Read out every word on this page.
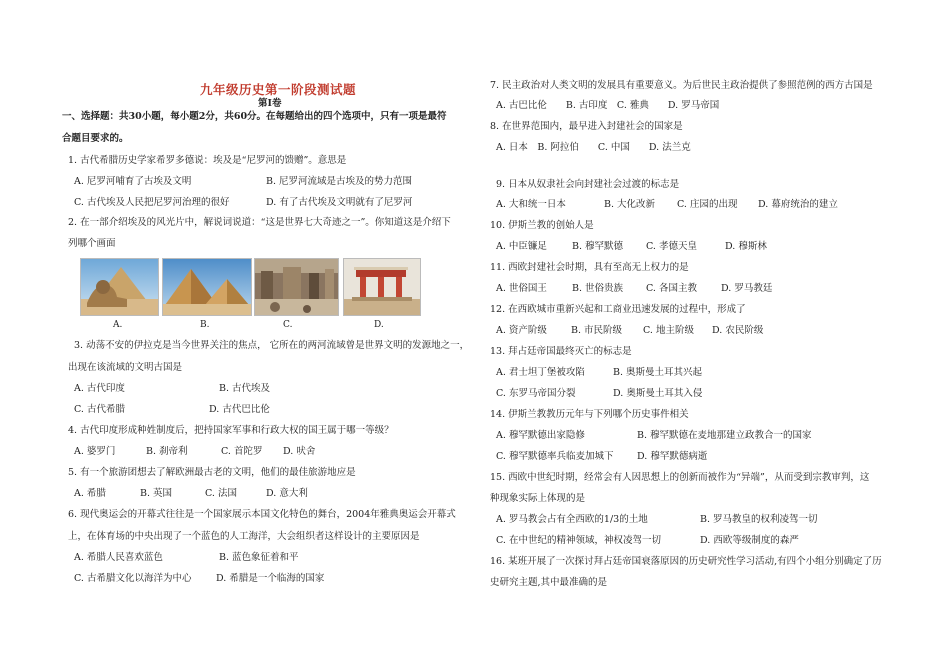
九年级历史第一阶段测试题
第Ⅰ卷
一、选择题：共30小题，每小题2分，共60分。在每题给出的四个选项中，只有一项是最符
合题目要求的。
1. 古代希腊历史学家希罗多德说：埃及是“尼罗河的馈赠”。意思是
A. 尼罗河哺育了古埃及文明	B. 尼罗河流域是古埃及的势力范围
C. 古代埃及人民把尼罗河治理的很好	D. 有了古代埃及文明就有了尼罗河
2. 在一部介绍埃及的风光片中，解说词说道：“这是世界七大奇迹之一”。你知道这是介绍下
列哪个画面
A.	B.	C.	D.
3. 动荡不安的伊拉克是当今世界关注的焦点， 它所在的两河流域曾是世界文明的发源地之一，
出现在该流域的文明古国是
A. 古代印度	B. 古代埃及
C. 古代希腊	D. 古代巴比伦
4. 古代印度形成种姓制度后，把持国家军事和行政大权的国王属于哪一等级？
A. 婆罗门	B. 刹帝利	C. 首陀罗 D. 吠舍
5. 有一个旅游团想去了解欧洲最古老的文明，他们的最佳旅游地应是
A. 希腊	B. 英国	C. 法国	D. 意大利
6. 现代奥运会的开幕式往往是一个国家展示本国文化特色的舞台，2004年雅典奥运会开幕式
上，在体育场的中央出现了一个蓝色的人工海洋，大会组织者这样设计的主要原因是
A. 希腊人民喜欢蓝色	B. 蓝色象征着和平
C. 古希腊文化以海洋为中心	D. 希腊是一个临海的国家
7. 民主政治对人类文明的发展具有重要意义。为后世民主政治提供了参照范例的西方古国是
A. 古巴比伦　　B. 古印度　C. 雅典　　D. 罗马帝国
8. 在世界范围内，最早进入封建社会的国家是
A. 日本　B. 阿拉伯　　C. 中国　　D. 法兰克
9. 日本从奴隶社会向封建社会过渡的标志是
A. 大和统一日本	B. 大化改新 C. 庄园的出现 D. 幕府统治的建立
10. 伊斯兰教的创始人是
A. 中臣镰足	B. 穆罕默德 C. 孝德天皇	D. 穆斯林
11. 西欧封建社会时期，具有至高无上权力的是
A. 世俗国王	B. 世俗贵族 C. 各国主教	D. 罗马教廷
12. 在西欧城市重新兴起和工商业迅速发展的过程中，形成了
A. 资产阶级	B. 市民阶级 C. 地主阶级 D. 农民阶级
13. 拜占廷帝国最终灭亡的标志是
A. 君士坦丁堡被攻陷	B. 奥斯曼土耳其兴起
C. 东罗马帝国分裂	D. 奥斯曼土耳其入侵
14. 伊斯兰教教历元年与下列哪个历史事件相关
A. 穆罕默德出家隐修	B. 穆罕默德在麦地那建立政教合一的国家
C. 穆罕默德率兵临麦加城下 D. 穆罕默德病逝
15. 西欧中世纪时期，经常会有人因思想上的创新而被作为“异端”，从而受到宗教审判，这
种现象实际上体现的是
A. 罗马教会占有全西欧的1/3的土地	B. 罗马教皇的权利凌驾一切
C. 在中世纪的精神领域，神权凌驾一切	D. 西欧等级制度的森严
16. 某班开展了一次探讨拜占廷帝国衰落原因的历史研究性学习活动,有四个小组分别确定了历
史研究主题,其中最准确的是
